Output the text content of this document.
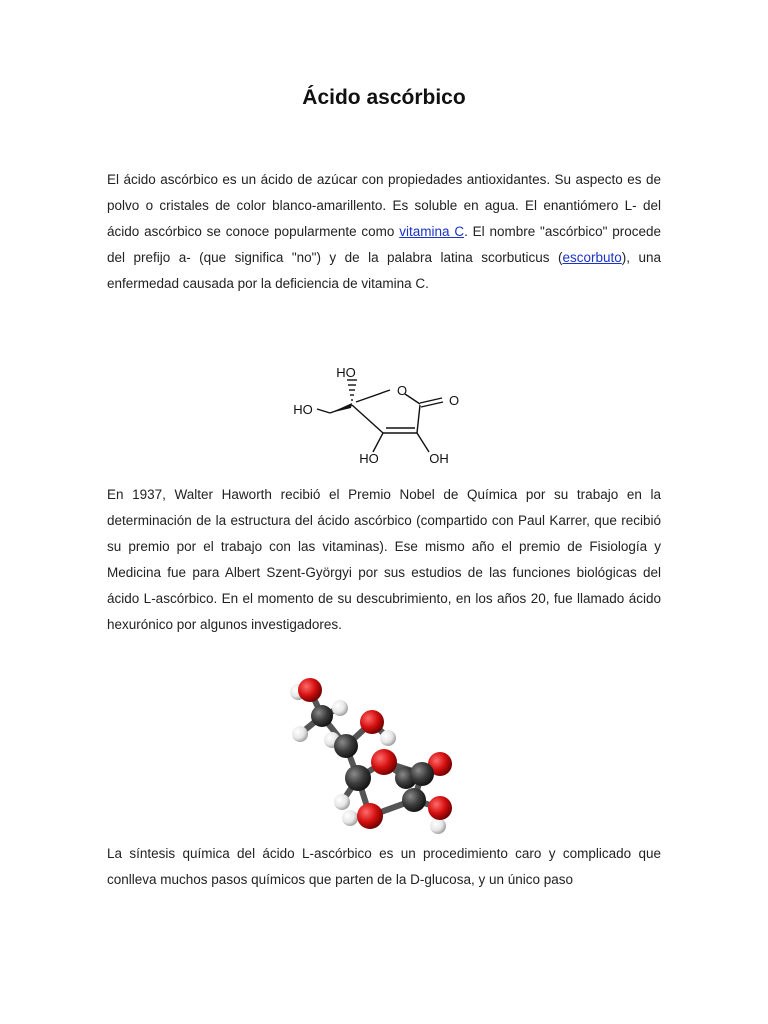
Ácido ascórbico

El ácido ascórbico es un ácido de azúcar con propiedades antioxidantes. Su aspecto es de polvo o cristales de color blanco-amarillento. Es soluble en agua. El enantiómero L- del ácido ascórbico se conoce popularmente como vitamina C. El nombre "ascórbico" procede del prefijo a- (que significa "no") y de la palabra latina scorbuticus (escorbuto), una enfermedad causada por la deficiencia de vitamina C.

HO
HO
O
O
HO	OH

En 1937, Walter Haworth recibió el Premio Nobel de Química por su trabajo en la determinación de la estructura del ácido ascórbico (compartido con Paul Karrer, que recibió su premio por el trabajo con las vitaminas). Ese mismo año el premio de Fisiología y Medicina fue para Albert Szent-Györgyi por sus estudios de las funciones biológicas del ácido L-ascórbico. En el momento de su descubrimiento, en los años 20, fue llamado ácido hexurónico por algunos investigadores.

La síntesis química del ácido L-ascórbico es un procedimiento caro y complicado que conlleva muchos pasos químicos que parten de la D-glucosa, y un único paso
